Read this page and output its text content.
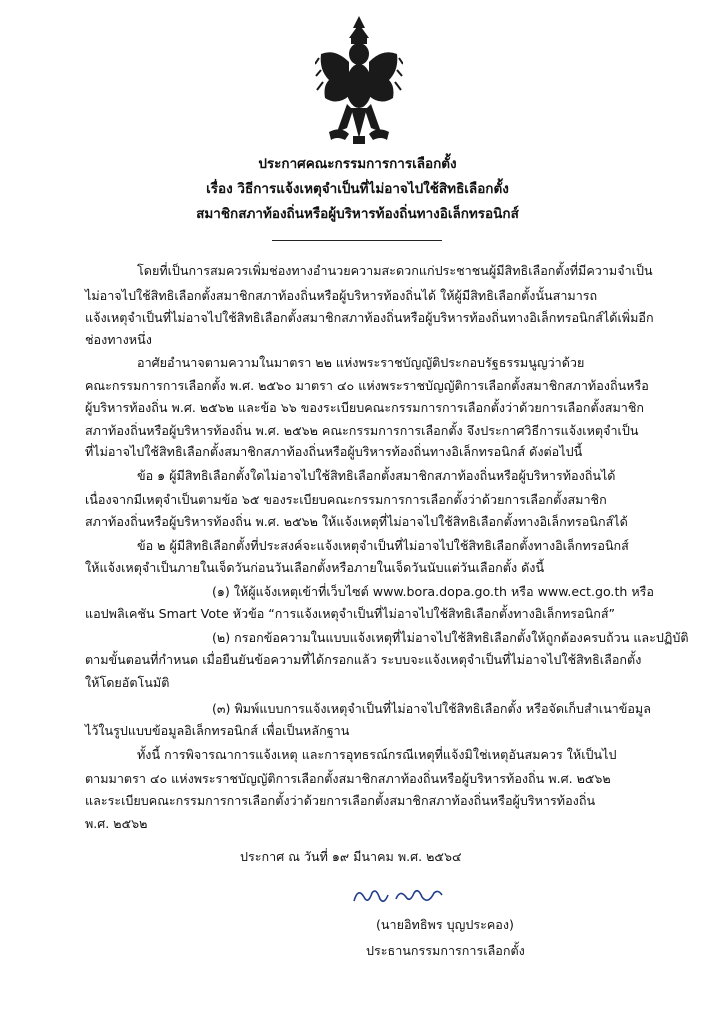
ประกาศคณะกรรมการการเลือกตั้ง
เรื่อง วิธีการแจ้งเหตุจำเป็นที่ไม่อาจไปใช้สิทธิเลือกตั้ง
สมาชิกสภาท้องถิ่นหรือผู้บริหารท้องถิ่นทางอิเล็กทรอนิกส์
โดยที่เป็นการสมควรเพิ่มช่องทางอำนวยความสะดวกแก่ประชาชนผู้มีสิทธิเลือกตั้งที่มีความจำเป็น
ไม่อาจไปใช้สิทธิเลือกตั้งสมาชิกสภาท้องถิ่นหรือผู้บริหารท้องถิ่นได้ ให้ผู้มีสิทธิเลือกตั้งนั้นสามารถ
แจ้งเหตุจำเป็นที่ไม่อาจไปใช้สิทธิเลือกตั้งสมาชิกสภาท้องถิ่นหรือผู้บริหารท้องถิ่นทางอิเล็กทรอนิกส์ได้เพิ่มอีก
ช่องทางหนึ่ง
อาศัยอำนาจตามความในมาตรา ๒๒ แห่งพระราชบัญญัติประกอบรัฐธรรมนูญว่าด้วย
คณะกรรมการการเลือกตั้ง พ.ศ. ๒๕๖๐ มาตรา ๔๐ แห่งพระราชบัญญัติการเลือกตั้งสมาชิกสภาท้องถิ่นหรือ
ผู้บริหารท้องถิ่น พ.ศ. ๒๕๖๒ และข้อ ๖๖ ของระเบียบคณะกรรมการการเลือกตั้งว่าด้วยการเลือกตั้งสมาชิก
สภาท้องถิ่นหรือผู้บริหารท้องถิ่น พ.ศ. ๒๕๖๒ คณะกรรมการการเลือกตั้ง จึงประกาศวิธีการแจ้งเหตุจำเป็น
ที่ไม่อาจไปใช้สิทธิเลือกตั้งสมาชิกสภาท้องถิ่นหรือผู้บริหารท้องถิ่นทางอิเล็กทรอนิกส์ ดังต่อไปนี้
ข้อ ๑ ผู้มีสิทธิเลือกตั้งใดไม่อาจไปใช้สิทธิเลือกตั้งสมาชิกสภาท้องถิ่นหรือผู้บริหารท้องถิ่นได้
เนื่องจากมีเหตุจำเป็นตามข้อ ๖๕ ของระเบียบคณะกรรมการการเลือกตั้งว่าด้วยการเลือกตั้งสมาชิก
สภาท้องถิ่นหรือผู้บริหารท้องถิ่น พ.ศ. ๒๕๖๒ ให้แจ้งเหตุที่ไม่อาจไปใช้สิทธิเลือกตั้งทางอิเล็กทรอนิกส์ได้
ข้อ ๒ ผู้มีสิทธิเลือกตั้งที่ประสงค์จะแจ้งเหตุจำเป็นที่ไม่อาจไปใช้สิทธิเลือกตั้งทางอิเล็กทรอนิกส์
ให้แจ้งเหตุจำเป็นภายในเจ็ดวันก่อนวันเลือกตั้งหรือภายในเจ็ดวันนับแต่วันเลือกตั้ง ดังนี้
(๑) ให้ผู้แจ้งเหตุเข้าที่เว็บไซต์ www.bora.dopa.go.th หรือ www.ect.go.th หรือ
แอปพลิเคชัน Smart Vote หัวข้อ “การแจ้งเหตุจำเป็นที่ไม่อาจไปใช้สิทธิเลือกตั้งทางอิเล็กทรอนิกส์”
(๒) กรอกข้อความในแบบแจ้งเหตุที่ไม่อาจไปใช้สิทธิเลือกตั้งให้ถูกต้องครบถ้วน และปฏิบัติ
ตามขั้นตอนที่กำหนด เมื่อยืนยันข้อความที่ได้กรอกแล้ว ระบบจะแจ้งเหตุจำเป็นที่ไม่อาจไปใช้สิทธิเลือกตั้ง
ให้โดยอัตโนมัติ
(๓) พิมพ์แบบการแจ้งเหตุจำเป็นที่ไม่อาจไปใช้สิทธิเลือกตั้ง หรือจัดเก็บสำเนาข้อมูล
ไว้ในรูปแบบข้อมูลอิเล็กทรอนิกส์ เพื่อเป็นหลักฐาน
ทั้งนี้ การพิจารณาการแจ้งเหตุ และการอุทธรณ์กรณีเหตุที่แจ้งมิใช่เหตุอันสมควร ให้เป็นไป
ตามมาตรา ๔๐ แห่งพระราชบัญญัติการเลือกตั้งสมาชิกสภาท้องถิ่นหรือผู้บริหารท้องถิ่น พ.ศ. ๒๕๖๒
และระเบียบคณะกรรมการการเลือกตั้งว่าด้วยการเลือกตั้งสมาชิกสภาท้องถิ่นหรือผู้บริหารท้องถิ่น
พ.ศ. ๒๕๖๒
ประกาศ ณ วันที่ ๑๙ มีนาคม พ.ศ. ๒๕๖๔
(นายอิทธิพร บุญประคอง)
ประธานกรรมการการเลือกตั้ง
